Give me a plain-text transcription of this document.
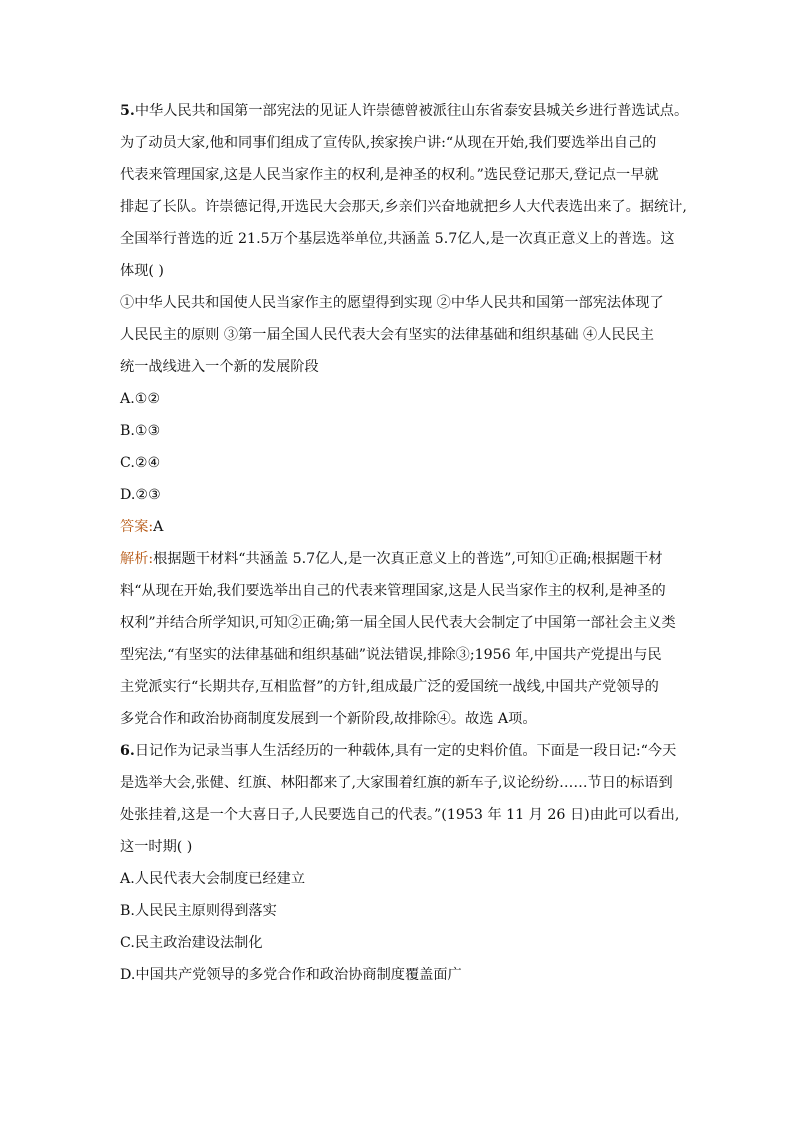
5.中华人民共和国第一部宪法的见证人许崇德曾被派往山东省泰安县城关乡进行普选试点。
为了动员大家,他和同事们组成了宣传队,挨家挨户讲:“从现在开始,我们要选举出自己的
代表来管理国家,这是人民当家作主的权利,是神圣的权利。”选民登记那天,登记点一早就
排起了长队。许崇德记得,开选民大会那天,乡亲们兴奋地就把乡人大代表选出来了。据统计,
全国举行普选的近 21.5万个基层选举单位,共涵盖 5.7亿人,是一次真正意义上的普选。这
体现( )
①中华人民共和国使人民当家作主的愿望得到实现 ②中华人民共和国第一部宪法体现了
人民民主的原则 ③第一届全国人民代表大会有坚实的法律基础和组织基础 ④人民民主
统一战线进入一个新的发展阶段
A.①②
B.①③
C.②④
D.②③
答案:A
解析:根据题干材料“共涵盖 5.7亿人,是一次真正意义上的普选”,可知①正确;根据题干材
料“从现在开始,我们要选举出自己的代表来管理国家,这是人民当家作主的权利,是神圣的
权利”并结合所学知识,可知②正确;第一届全国人民代表大会制定了中国第一部社会主义类
型宪法,“有坚实的法律基础和组织基础”说法错误,排除③;1956 年,中国共产党提出与民
主党派实行“长期共存,互相监督”的方针,组成最广泛的爱国统一战线,中国共产党领导的
多党合作和政治协商制度发展到一个新阶段,故排除④。故选 A项。
6.日记作为记录当事人生活经历的一种载体,具有一定的史料价值。下面是一段日记:“今天
是选举大会,张健、红旗、林阳都来了,大家围着红旗的新车子,议论纷纷……节日的标语到
处张挂着,这是一个大喜日子,人民要选自己的代表。”(1953 年 11 月 26 日)由此可以看出,
这一时期( )
A.人民代表大会制度已经建立
B.人民民主原则得到落实
C.民主政治建设法制化
D.中国共产党领导的多党合作和政治协商制度覆盖面广
